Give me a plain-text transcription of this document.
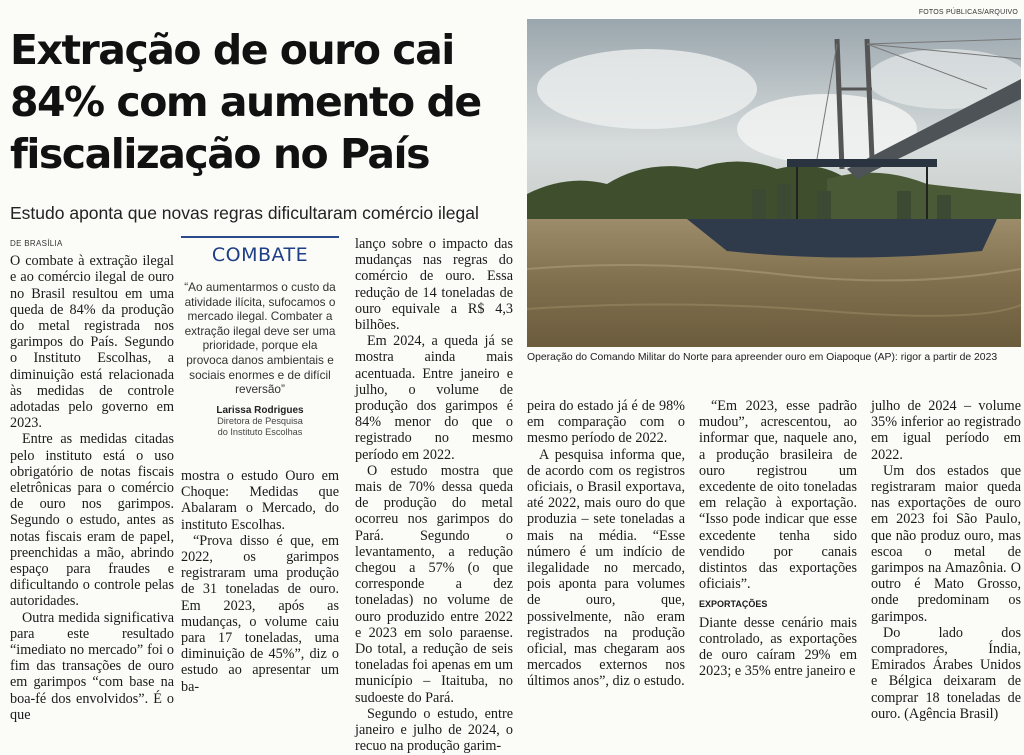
Extração de ouro cai
84% com aumento de
fiscalização no País
Estudo aponta que novas regras dificultaram comércio ilegal
FOTOS PÚBLICAS/ARQUIVO
Operação do Comando Militar do Norte para apreender ouro em Oiapoque (AP): rigor a partir de 2023
DE BRASÍLIA

O combate à extração ilegal e ao comércio ilegal de ouro no Brasil resultou em uma queda de 84% da produção do metal registrada nos garimpos do País. Segundo o Instituto Escolhas, a diminuição está relacionada às medidas de controle adotadas pelo governo em 2023.

Entre as medidas citadas pelo instituto está o uso obrigatório de notas fiscais eletrônicas para o comércio de ouro nos garimpos. Segundo o estudo, antes as notas fiscais eram de papel, preenchidas a mão, abrindo espaço para fraudes e dificultando o controle pelas autoridades.

Outra medida significativa para este resultado “imediato no mercado” foi o fim das transações de ouro em garimpos “com base na boa-fé dos envolvidos”. É o que

COMBATE
“Ao aumentarmos o custo da atividade ilícita, sufocamos o mercado ilegal. Combater a extração ilegal deve ser uma prioridade, porque ela provoca danos ambientais e sociais enormes e de difícil reversão”
Larissa Rodrigues
Diretora de Pesquisa
do Instituto Escolhas

mostra o estudo Ouro em Choque: Medidas que Abalaram o Mercado, do instituto Escolhas.

“Prova disso é que, em 2022, os garimpos registraram uma produção de 31 toneladas de ouro. Em 2023, após as mudanças, o volume caiu para 17 toneladas, uma diminuição de 45%”, diz o estudo ao apresentar um ba-

lanço sobre o impacto das mudanças nas regras do comércio de ouro. Essa redução de 14 toneladas de ouro equivale a R$ 4,3 bilhões.

Em 2024, a queda já se mostra ainda mais acentuada. Entre janeiro e julho, o volume de produção dos garimpos é 84% menor do que o registrado no mesmo período em 2022.

O estudo mostra que mais de 70% dessa queda de produção do metal ocorreu nos garimpos do Pará. Segundo o levantamento, a redução chegou a 57% (o que corresponde a dez toneladas) no volume de ouro produzido entre 2022 e 2023 em solo paraense. Do total, a redução de seis toneladas foi apenas em um município – Itaituba, no sudoeste do Pará.

Segundo o estudo, entre janeiro e julho de 2024, o recuo na produção garim-

peira do estado já é de 98% em comparação com o mesmo período de 2022.

A pesquisa informa que, de acordo com os registros oficiais, o Brasil exportava, até 2022, mais ouro do que produzia – sete toneladas a mais na média. “Esse número é um indício de ilegalidade no mercado, pois aponta para volumes de ouro, que, possivelmente, não eram registrados na produção oficial, mas chegaram aos mercados externos nos últimos anos”, diz o estudo.

“Em 2023, esse padrão mudou”, acrescentou, ao informar que, naquele ano, a produção brasileira de ouro registrou um excedente de oito toneladas em relação à exportação. “Isso pode indicar que esse excedente tenha sido vendido por canais distintos das exportações oficiais”.

EXPORTAÇÕES

Diante desse cenário mais controlado, as exportações de ouro caíram 29% em 2023; e 35% entre janeiro e

julho de 2024 – volume 35% inferior ao registrado em igual período em 2022.

Um dos estados que registraram maior queda nas exportações de ouro em 2023 foi São Paulo, que não produz ouro, mas escoa o metal de garimpos na Amazônia. O outro é Mato Grosso, onde predominam os garimpos.

Do lado dos compradores, Índia, Emirados Árabes Unidos e Bélgica deixaram de comprar 18 toneladas de ouro. (Agência Brasil)
